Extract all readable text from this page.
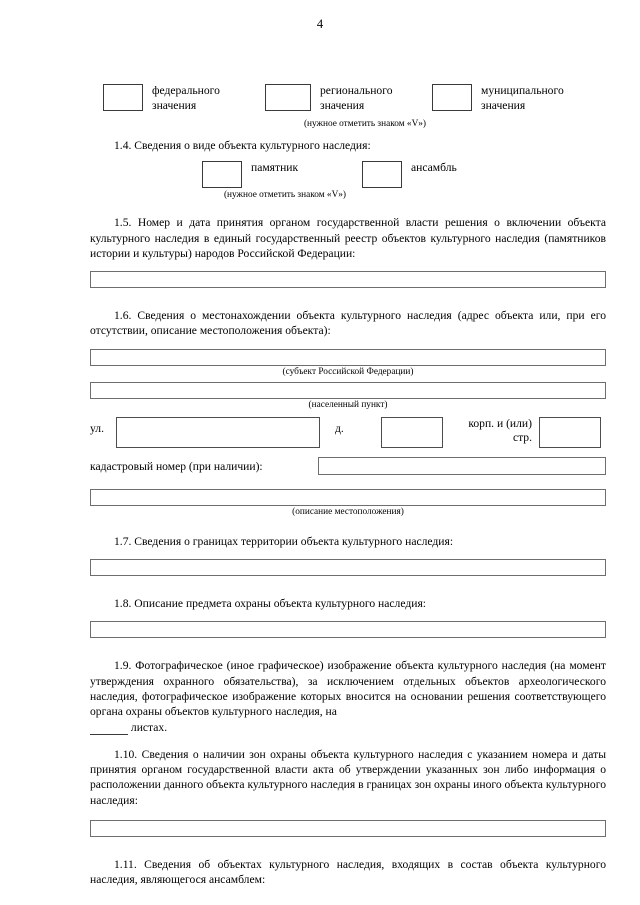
4
федерального
значения
регионального
значения
муниципального
значения

(нужное отметить знаком «V»)

1.4. Сведения о виде объекта культурного наследия:

памятник	ансамбль

(нужное отметить знаком «V»)

1.5. Номер и дата принятия органом государственной власти решения о включении объекта культурного наследия в единый государственный реестр объектов культурного наследия (памятников истории и культуры) народов Российской Федерации:

1.6. Сведения о местонахождении объекта культурного наследия (адрес объекта или, при его отсутствии, описание местоположения объекта):

(субъект Российской Федерации)

(населенный пункт)

ул.	д.	корп. и (или)
стр.
кадастровый номер (при наличии):

(описание местоположения)

1.7. Сведения о границах территории объекта культурного наследия:

1.8. Описание предмета охраны объекта культурного наследия:

1.9. Фотографическое (иное графическое) изображение объекта культурного наследия (на момент утверждения охранного обязательства), за исключением отдельных объектов археологического наследия, фотографическое изображение которых вносится на основании решения соответствующего органа охраны объектов культурного наследия, на
листах.

1.10. Сведения о наличии зон охраны объекта культурного наследия с указанием номера и даты принятия органом государственной власти акта об утверждении указанных зон либо информация о расположении данного объекта культурного наследия в границах зон охраны иного объекта культурного наследия:

1.11. Сведения об объектах культурного наследия, входящих в состав объекта культурного наследия, являющегося ансамблем:
